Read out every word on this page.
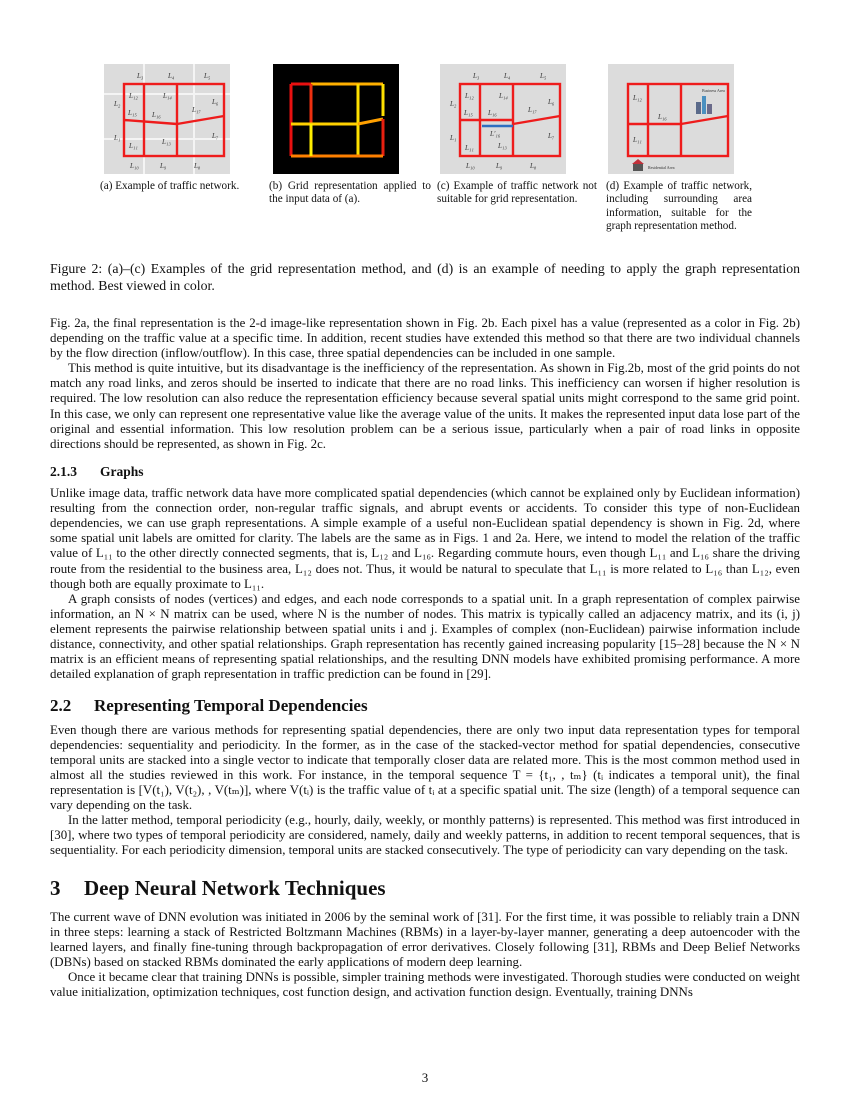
L₃	L₄	L₅
L₂
L₁₂	L₁₄
L₆
L₁₅ L₁₆
L₁₇
L₁
L₁₁	L₁₃
L₇
L₁₀	L₉	L₈
L₃	L₄	L₅
L₂
L₁₂	L₁₄
L₆
L₁₅ L₁₆	L₁₇
L₁	L′₁₆
L₁₁	L₁₃
L₇
L₁₀	L₉	L₈
Business Area
Residential Area
L₁₂
L₁₆
L₁₁
(a) Example of traffic network.	(b) Grid representation applied to the input data of (a).
(c) Example of traffic network not suitable for grid representation.
(d) Example of traffic network, including surrounding area information, suitable for the graph representation method.
Figure 2: (a)–(c) Examples of the grid representation method, and (d) is an example of needing to apply the graph representation method. Best viewed in color.

Fig. 2a, the final representation is the 2-d image-like representation shown in Fig. 2b. Each pixel has a value (represented as a color in Fig. 2b) depending on the traffic value at a specific time. In addition, recent studies have extended this method so that there are two individual channels by the flow direction (inflow/outflow). In this case, three spatial dependencies can be included in one sample.

This method is quite intuitive, but its disadvantage is the inefficiency of the representation. As shown in Fig.2b, most of the grid points do not match any road links, and zeros should be inserted to indicate that there are no road links. This inefficiency can worsen if higher resolution is required. The low resolution can also reduce the representation efficiency because several spatial units might correspond to the same grid point. In this case, we only can represent one representative value like the average value of the units. It makes the represented input data lose part of the original and essential information. This low resolution problem can be a serious issue, particularly when a pair of road links in opposite directions should be represented, as shown in Fig. 2c.

2.1.3 Graphs

Unlike image data, traffic network data have more complicated spatial dependencies (which cannot be explained only by Euclidean information) resulting from the connection order, non-regular traffic signals, and abrupt events or accidents. To consider this type of non-Euclidean dependencies, we can use graph representations. A simple example of a useful non-Euclidean spatial dependency is shown in Fig. 2d, where some spatial unit labels are omitted for clarity. The labels are the same as in Figs. 1 and 2a. Here, we intend to model the relation of the traffic value of L₁₁ to the other directly connected segments, that is, L₁₂ and L₁₆. Regarding commute hours, even though L₁₁ and L₁₆ share the driving route from the residential to the business area, L₁₂ does not. Thus, it would be natural to speculate that L₁₁ is more related to L₁₆ than L₁₂, even though both are equally proximate to L₁₁.

A graph consists of nodes (vertices) and edges, and each node corresponds to a spatial unit. In a graph representation of complex pairwise information, an N × N matrix can be used, where N is the number of nodes. This matrix is typically called an adjacency matrix, and its (i, j) element represents the pairwise relationship between spatial units i and j. Examples of complex (non-Euclidean) pairwise information include distance, connectivity, and other spatial relationships. Graph representation has recently gained increasing popularity [15–28] because the N × N matrix is an efficient means of representing spatial relationships, and the resulting DNN models have exhibited promising performance. A more detailed explanation of graph representation in traffic prediction can be found in [29].

2.2 Representing Temporal Dependencies

Even though there are various methods for representing spatial dependencies, there are only two input data representation types for temporal dependencies: sequentiality and periodicity. In the former, as in the case of the stacked-vector method for spatial dependencies, consecutive temporal units are stacked into a single vector to indicate that temporally closer data are related more. This is the most common method used in almost all the studies reviewed in this work. For instance, in the temporal sequence T = {t₁, , tₘ} (tᵢ indicates a temporal unit), the final representation is [V(t₁), V(t₂), , V(tₘ)], where V(tᵢ) is the traffic value of tᵢ at a specific spatial unit. The size (length) of a temporal sequence can vary depending on the task.

In the latter method, temporal periodicity (e.g., hourly, daily, weekly, or monthly patterns) is represented. This method was first introduced in [30], where two types of temporal periodicity are considered, namely, daily and weekly patterns, in addition to recent temporal sequences, that is sequentiality. For each periodicity dimension, temporal units are stacked consecutively. The type of periodicity can vary depending on the task.

3 Deep Neural Network Techniques

The current wave of DNN evolution was initiated in 2006 by the seminal work of [31]. For the first time, it was possible to reliably train a DNN in three steps: learning a stack of Restricted Boltzmann Machines (RBMs) in a layer-by-layer manner, generating a deep autoencoder with the learned layers, and finally fine-tuning through backpropagation of error derivatives. Closely following [31], RBMs and Deep Belief Networks (DBNs) based on stacked RBMs dominated the early applications of modern deep learning.

Once it became clear that training DNNs is possible, simpler training methods were investigated. Thorough studies were conducted on weight value initialization, optimization techniques, cost function design, and activation function design. Eventually, training DNNs

3
